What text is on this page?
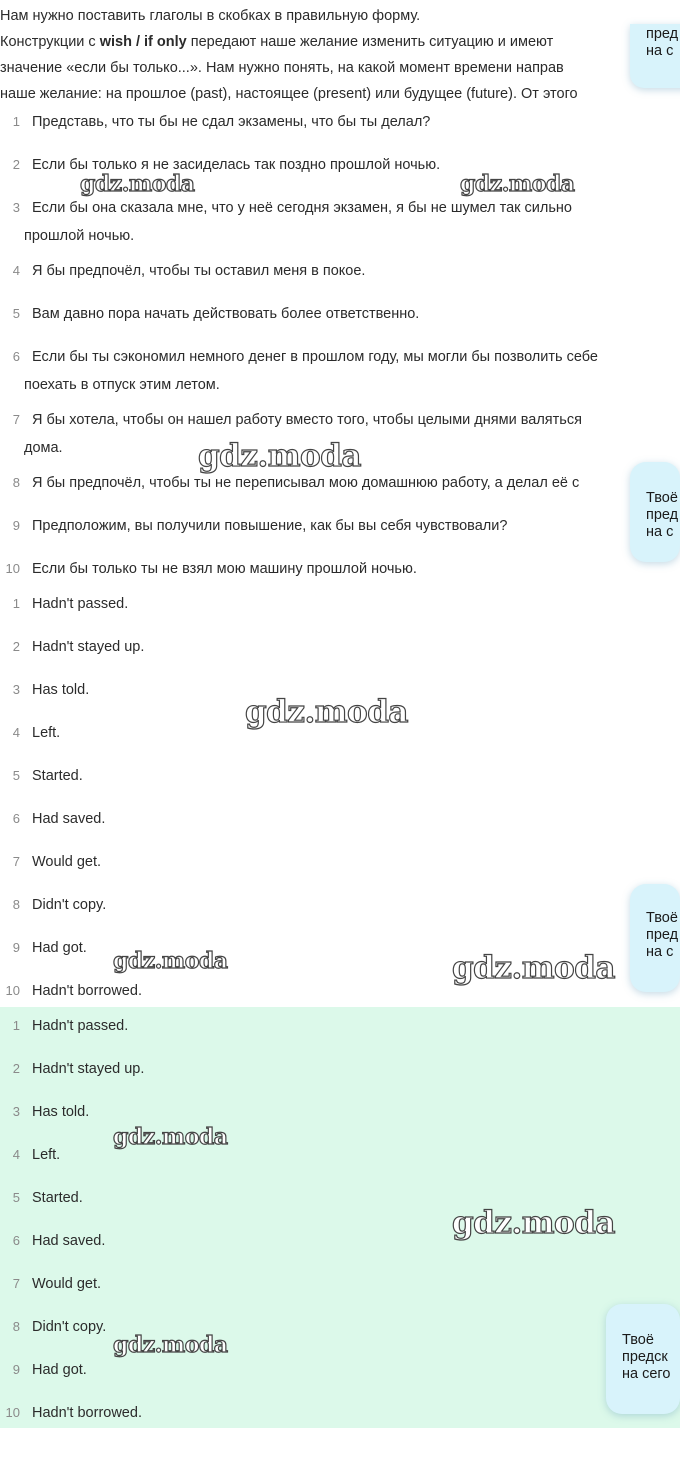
Нам нужно поставить глаголы в скобках в правильную форму.

Конструкции с wish / if only передают наше желание изменить ситуацию и имеют

значение «если бы только...». Нам нужно понять, на какой момент времени направ

наше желание: на прошлое (past), настоящее (present) или будущее (future). От этого

1 Представь, что ты бы не сдал экзамены, что бы ты делал?
2 Если бы только я не засиделась так поздно прошлой ночью.
3 Если бы она сказала мне, что у неё сегодня экзамен, я бы не шумел так сильно
прошлой ночью.
4 Я бы предпочёл, чтобы ты оставил меня в покое.
5 Вам давно пора начать действовать более ответственно.
6 Если бы ты сэкономил немного денег в прошлом году, мы могли бы позволить себе
поехать в отпуск этим летом.
7 Я бы хотела, чтобы он нашел работу вместо того, чтобы целыми днями валяться
дома.
8 Я бы предпочёл, чтобы ты не переписывал мою домашнюю работу, а делал её с
9 Предположим, вы получили повышение, как бы вы себя чувствовали?
10 Если бы только ты не взял мою машину прошлой ночью.
1 Hadn't passed.
2 Hadn't stayed up.
3 Has told.
4 Left.
5 Started.
6 Had saved.
7 Would get.
8 Didn't copy.
9 Had got.
10 Hadn't borrowed.
1 Hadn't passed.
2 Hadn't stayed up.
3 Has told.
4 Left.
5 Started.
6 Had saved.
7 Would get.
8 Didn't copy.
9 Had got.
10 Hadn't borrowed.
gdz.moda	gdz.moda
gdz.moda
gdz.moda
gdz.moda	gdz.moda
gdz.moda
gdz.moda
gdz.moda
пред
на с
Твоё
пред
на с
Твоё
пред
на с
Твоё
предск
на сего
